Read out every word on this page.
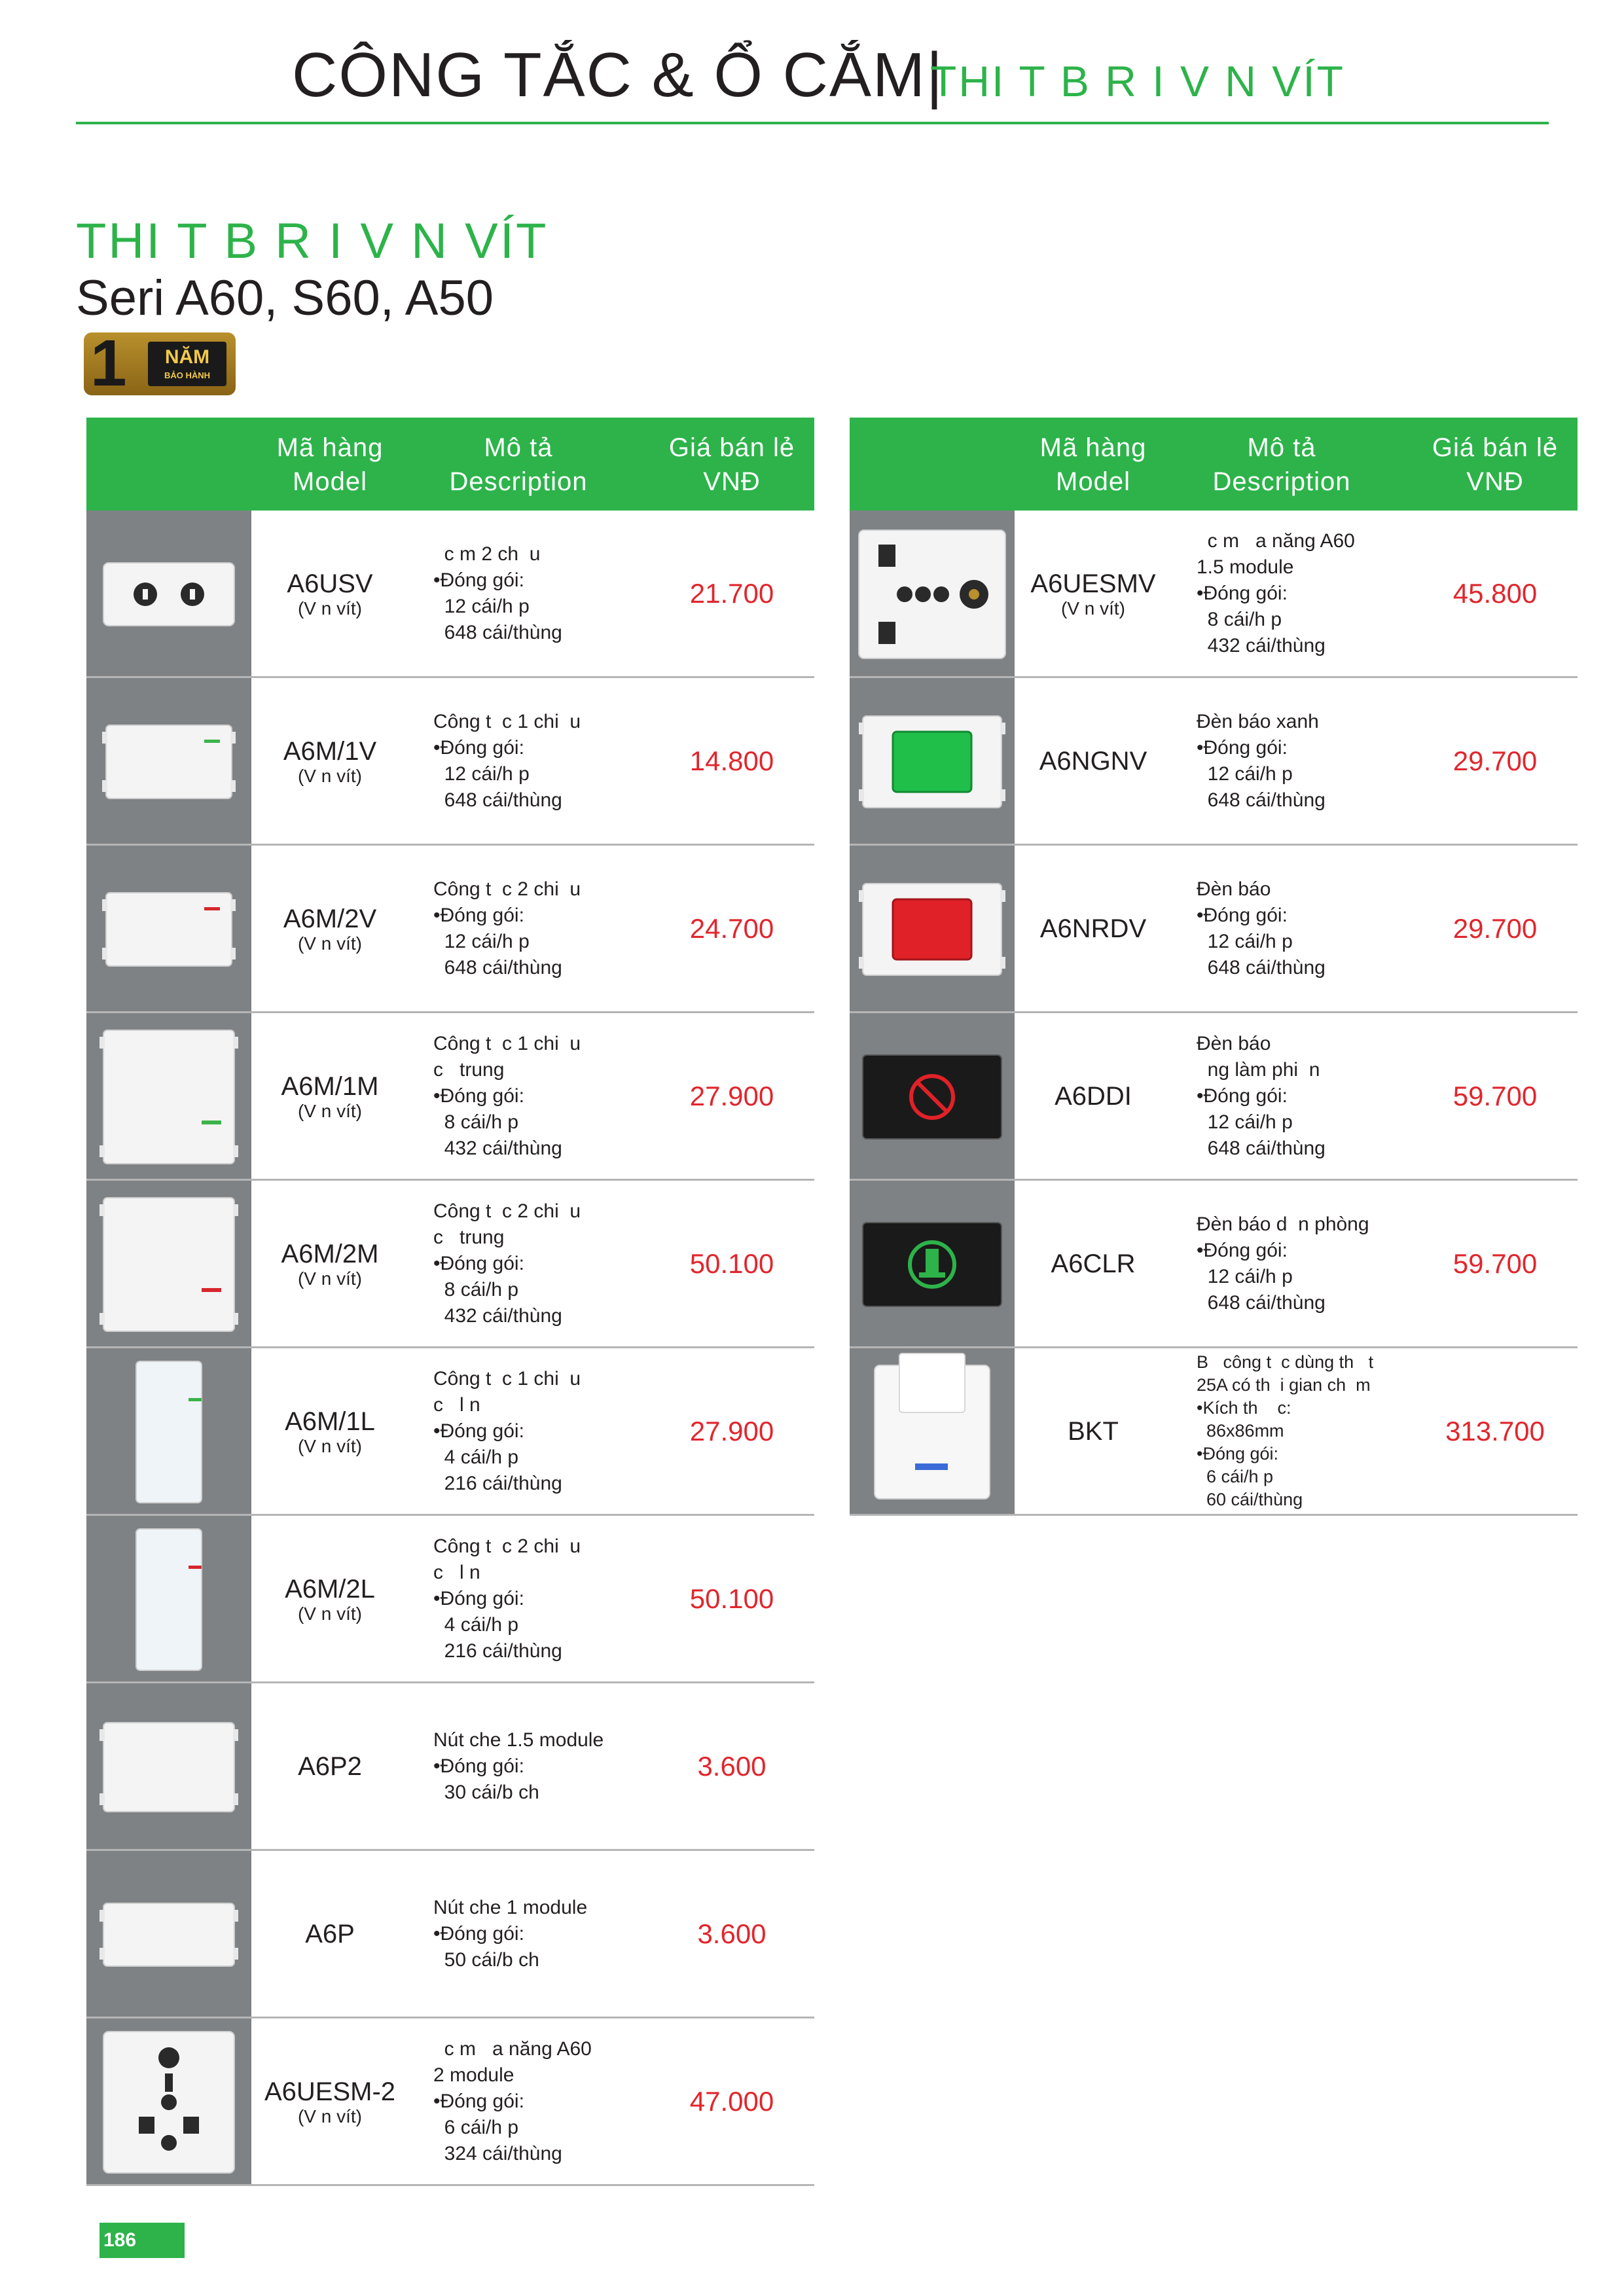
CÔNG TẮC & Ổ CẮM|
THI T B R I V N VÍT
THI T B R I V N VÍT
Seri A60, S60, A50
1	NĂM
BẢO HÀNH
Mã hàng
Model
Mô tả
Description
Giá bán lẻ
VNĐ
A6USV
(V n vít)
c m 2 ch  u
•Đóng gói:
12 cái/h p
648 cái/thùng
21.700
A6M/1V
(V n vít)
Công t  c 1 chi  u
•Đóng gói:
12 cái/h p
648 cái/thùng
14.800
A6M/2V
(V n vít)
Công t  c 2 chi  u
•Đóng gói:
12 cái/h p
648 cái/thùng
24.700
A6M/1M
(V n vít)
Công t  c 1 chi  u
c   trung
•Đóng gói:
8 cái/h p
432 cái/thùng
27.900
A6M/2M
(V n vít)
Công t  c 2 chi  u
c   trung
•Đóng gói:
8 cái/h p
432 cái/thùng
50.100
A6M/1L
(V n vít)
Công t  c 1 chi  u
c   l n
•Đóng gói:
4 cái/h p
216 cái/thùng
27.900
A6M/2L
(V n vít)
Công t  c 2 chi  u
c   l n
•Đóng gói:
4 cái/h p
216 cái/thùng
50.100
A6P2
Nút che 1.5 module
•Đóng gói:
30 cái/b ch
3.600
A6P
Nút che 1 module
•Đóng gói:
50 cái/b ch
3.600
A6UESM-2
(V n vít)
c m   a năng A60
2 module
•Đóng gói:
6 cái/h p
324 cái/thùng
47.000
Mã hàng
Model
Mô tả
Description
Giá bán lẻ
VNĐ
A6UESMV
(V n vít)
c m   a năng A60
1.5 module
•Đóng gói:
8 cái/h p
432 cái/thùng
45.800
A6NGNV
Đèn báo xanh
•Đóng gói:
12 cái/h p
648 cái/thùng
29.700
A6NRDV
Đèn báo
•Đóng gói:
12 cái/h p
648 cái/thùng
29.700
A6DDI
Đèn báo
ng làm phi  n
•Đóng gói:
12 cái/h p
648 cái/thùng
59.700
A6CLR
Đèn báo d  n phòng
•Đóng gói:
12 cái/h p
648 cái/thùng
59.700
BKT
B   công t  c dùng th   t
25A có th  i gian ch  m
•Kích th    c:
86x86mm
•Đóng gói:
6 cái/h p
60 cái/thùng
313.700
186
